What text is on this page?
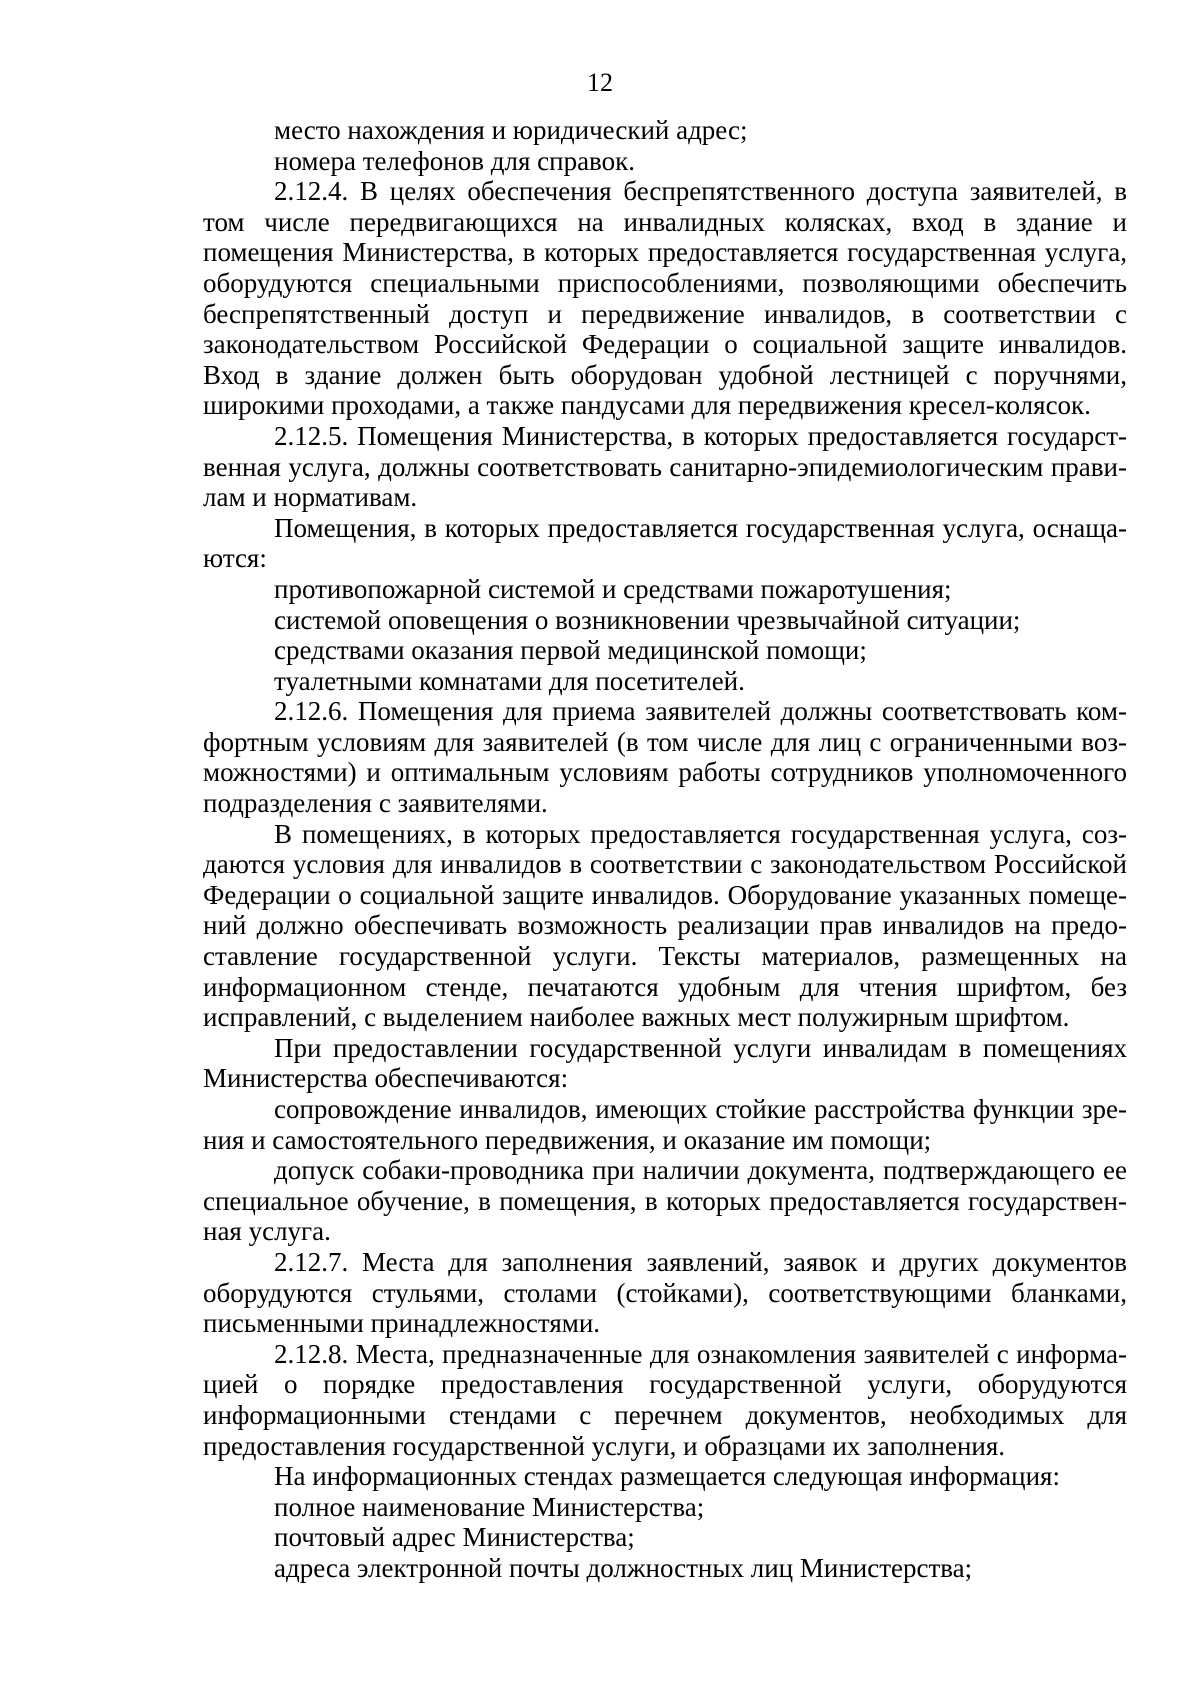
12

место нахождения и юридический адрес;

номера телефонов для справок.

2.12.4. В целях обеспечения беспрепятственного доступа заявителей, в том числе передвигающихся на инвалидных колясках, вход в здание и помещения Министерства, в которых предоставляется государственная услуга, оборудуются специальными приспособлениями, позволяющими обеспечить беспрепятственный доступ и передвижение инвалидов, в соответствии с законодательством Российской Федерации о социальной защите инвалидов. Вход в здание должен быть оборудован удобной лестницей с поручнями, широкими проходами, а также пандусами для передвижения кресел-колясок.

2.12.5. Помещения Министерства, в которых предоставляется государственная услуга, должны соответствовать санитарно-эпидемиологическим правилам и нормативам.

Помещения, в которых предоставляется государственная услуга, оснащаются:

противопожарной системой и средствами пожаротушения;

системой оповещения о возникновении чрезвычайной ситуации;

средствами оказания первой медицинской помощи;

туалетными комнатами для посетителей.

2.12.6. Помещения для приема заявителей должны соответствовать комфортным условиям для заявителей (в том числе для лиц с ограниченными возможностями) и оптимальным условиям работы сотрудников уполномоченного подразделения с заявителями.

В помещениях, в которых предоставляется государственная услуга, создаются условия для инвалидов в соответствии с законодательством Российской Федерации о социальной защите инвалидов. Оборудование указанных помещений должно обеспечивать возможность реализации прав инвалидов на предоставление государственной услуги. Тексты материалов, размещенных на информационном стенде, печатаются удобным для чтения шрифтом, без исправлений, с выделением наиболее важных мест полужирным шрифтом.

При предоставлении государственной услуги инвалидам в помещениях Министерства обеспечиваются:

сопровождение инвалидов, имеющих стойкие расстройства функции зрения и самостоятельного передвижения, и оказание им помощи;

допуск собаки-проводника при наличии документа, подтверждающего ее специальное обучение, в помещения, в которых предоставляется государственная услуга.

2.12.7. Места для заполнения заявлений, заявок и других документов оборудуются стульями, столами (стойками), соответствующими бланками, письменными принадлежностями.

2.12.8. Места, предназначенные для ознакомления заявителей с информацией о порядке предоставления государственной услуги, оборудуются информационными стендами с перечнем документов, необходимых для предоставления государственной услуги, и образцами их заполнения.

На информационных стендах размещается следующая информация:

полное наименование Министерства;

почтовый адрес Министерства;

адреса электронной почты должностных лиц Министерства;
